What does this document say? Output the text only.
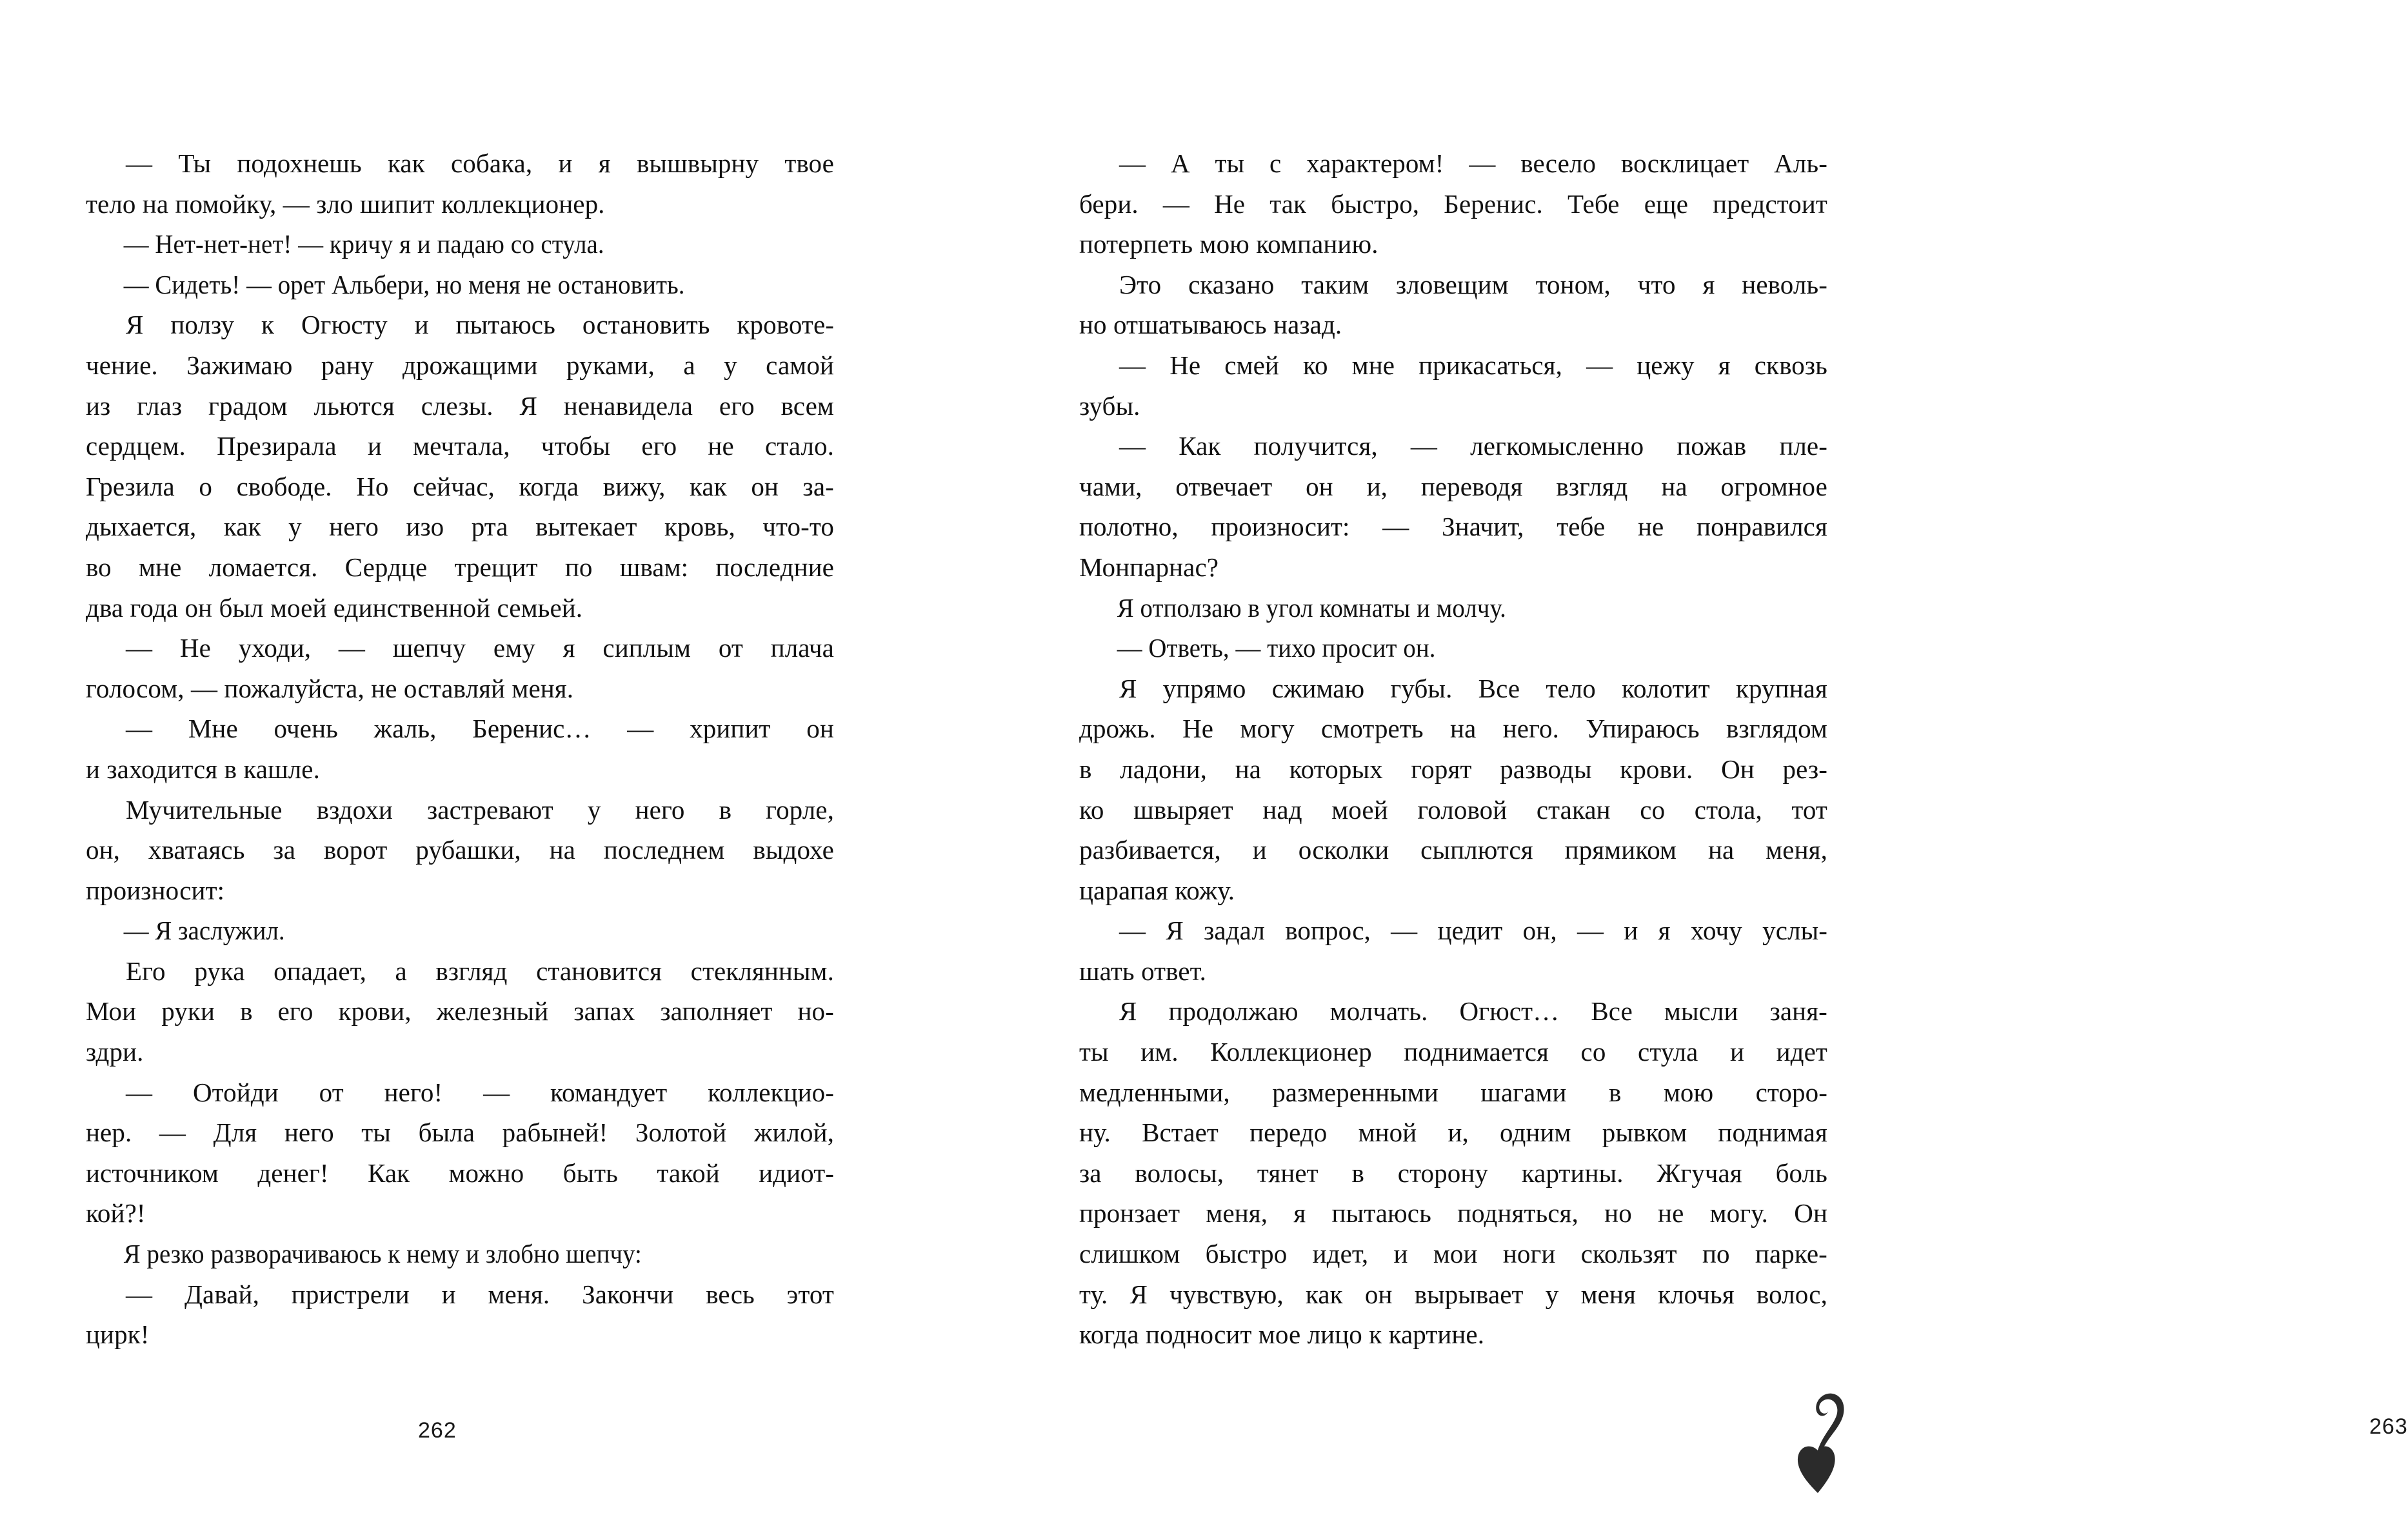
— Ты подохнешь как собака, и я вышвырну твое
тело на помойку, — зло шипит коллекционер.
— Нет-нет-нет! — кричу я и падаю со стула.
— Сидеть! — орет Альбери, но меня не остановить.
Я ползу к Огюсту и пытаюсь остановить кровоте-
чение. Зажимаю рану дрожащими руками, а у самой
из глаз градом льются слезы. Я ненавидела его всем
сердцем. Презирала и мечтала, чтобы его не стало.
Грезила о свободе. Но сейчас, когда вижу, как он за-
дыхается, как у него изо рта вытекает кровь, что-то
во мне ломается. Сердце трещит по швам: последние
два года он был моей единственной семьей.
— Не уходи, — шепчу ему я сиплым от плача
голосом, — пожалуйста, не оставляй меня.
— Мне очень жаль, Беренис… — хрипит он
и заходится в кашле.
Мучительные вздохи застревают у него в горле,
он, хватаясь за ворот рубашки, на последнем выдохе
произносит:
— Я заслужил.
Его рука опадает, а взгляд становится стеклянным.
Мои руки в его крови, железный запах заполняет но-
здри.
— Отойди от него! — командует коллекцио-
нер. — Для него ты была рабыней! Золотой жилой,
источником денег! Как можно быть такой идиот-
кой?!
Я резко разворачиваюсь к нему и злобно шепчу:
— Давай, пристрели и меня. Закончи весь этот
цирк!
262
— А ты с характером! — весело восклицает Аль-
бери. — Не так быстро, Беренис. Тебе еще предстоит
потерпеть мою компанию.
Это сказано таким зловещим тоном, что я неволь-
но отшатываюсь назад.
— Не смей ко мне прикасаться, — цежу я сквозь
зубы.
— Как получится, — легкомысленно пожав пле-
чами, отвечает он и, переводя взгляд на огромное
полотно, произносит: — Значит, тебе не понравился
Монпарнас?
Я отползаю в угол комнаты и молчу.
— Ответь, — тихо просит он.
Я упрямо сжимаю губы. Все тело колотит крупная
дрожь. Не могу смотреть на него. Упираюсь взглядом
в ладони, на которых горят разводы крови. Он рез-
ко швыряет над моей головой стакан со стола, тот
разбивается, и осколки сыплются прямиком на меня,
царапая кожу.
— Я задал вопрос, — цедит он, — и я хочу услы-
шать ответ.
Я продолжаю молчать. Огюст… Все мысли заня-
ты им. Коллекционер поднимается со стула и идет
медленными, размеренными шагами в мою сторо-
ну. Встает передо мной и, одним рывком поднимая
за волосы, тянет в сторону картины. Жгучая боль
пронзает меня, я пытаюсь подняться, но не могу. Он
слишком быстро идет, и мои ноги скользят по парке-
ту. Я чувствую, как он вырывает у меня клочья волос,
когда подносит мое лицо к картине.
263
